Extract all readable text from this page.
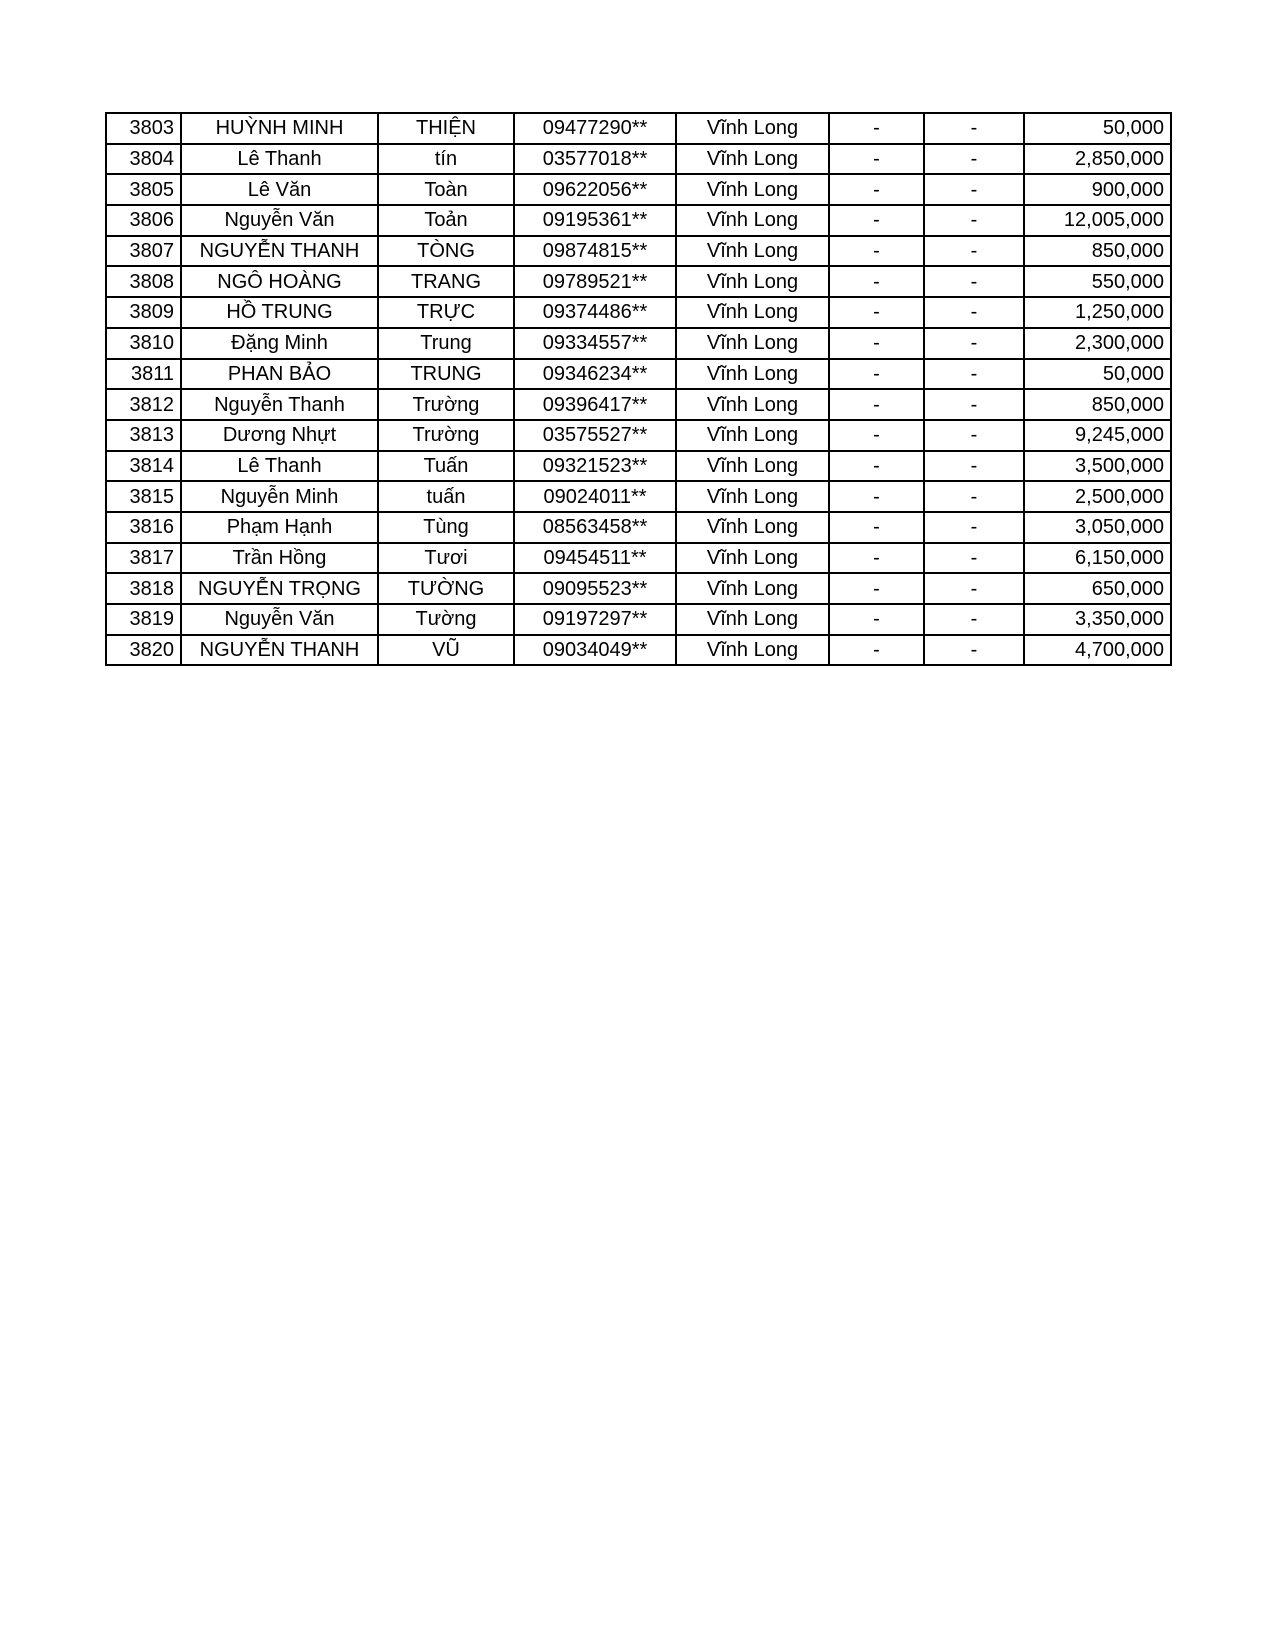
3803	HUỲNH MINH	THIỆN	09477290**	Vĩnh Long	-	-	50,000
3804	Lê Thanh	tín	03577018**	Vĩnh Long	-	-	2,850,000
3805	Lê Văn	Toàn	09622056**	Vĩnh Long	-	-	900,000
3806	Nguyễn Văn	Toản	09195361**	Vĩnh Long	-	-	12,005,000
3807	NGUYỄN THANH	TÒNG	09874815**	Vĩnh Long	-	-	850,000
3808	NGÔ HOÀNG	TRANG	09789521**	Vĩnh Long	-	-	550,000
3809	HỒ TRUNG	TRỰC	09374486**	Vĩnh Long	-	-	1,250,000
3810	Đặng Minh	Trung	09334557**	Vĩnh Long	-	-	2,300,000
3811	PHAN BẢO	TRUNG	09346234**	Vĩnh Long	-	-	50,000
3812	Nguyễn Thanh	Trường	09396417**	Vĩnh Long	-	-	850,000
3813	Dương Nhựt	Trường	03575527**	Vĩnh Long	-	-	9,245,000
3814	Lê Thanh	Tuấn	09321523**	Vĩnh Long	-	-	3,500,000
3815	Nguyễn Minh	tuấn	09024011**	Vĩnh Long	-	-	2,500,000
3816	Phạm Hạnh	Tùng	08563458**	Vĩnh Long	-	-	3,050,000
3817	Trần Hồng	Tươi	09454511**	Vĩnh Long	-	-	6,150,000
3818	NGUYỄN TRỌNG	TƯỜNG	09095523**	Vĩnh Long	-	-	650,000
3819	Nguyễn Văn	Tường	09197297**	Vĩnh Long	-	-	3,350,000
3820	NGUYỄN THANH	VŨ	09034049**	Vĩnh Long	-	-	4,700,000
